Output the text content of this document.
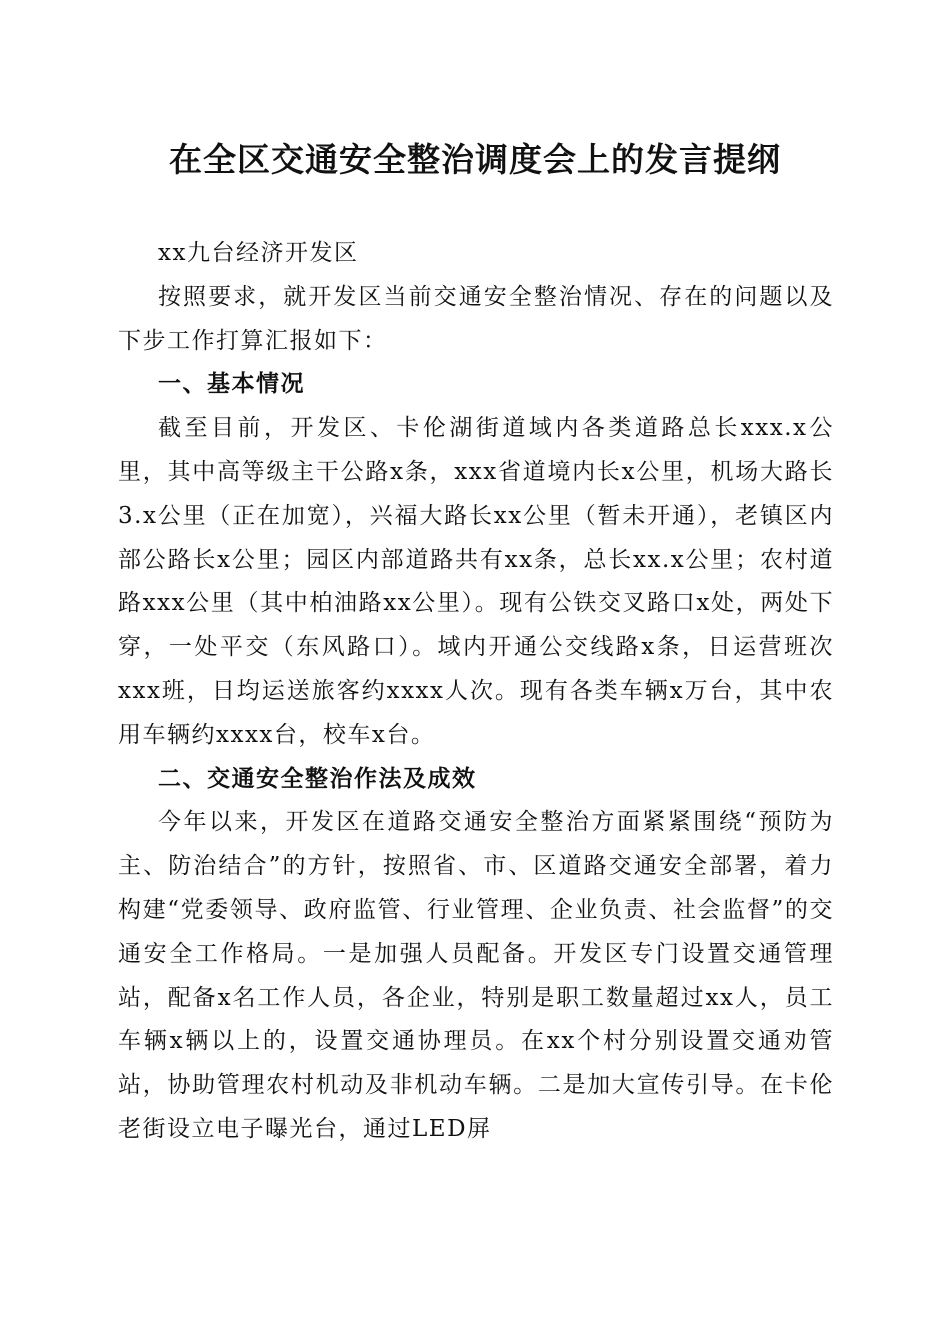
在全区交通安全整治调度会上的发言提纲

xx九台经济开发区

按照要求，就开发区当前交通安全整治情况、存在的问题以及下步工作打算汇报如下：

一、基本情况

截至目前，开发区、卡伦湖街道域内各类道路总长xxx.x公里，其中高等级主干公路x条，xxx省道境内长x公里，机场大路长3.x公里（正在加宽），兴福大路长xx公里（暂未开通），老镇区内部公路长x公里；园区内部道路共有xx条，总长xx.x公里；农村道路xxx公里（其中柏油路xx公里）。现有公铁交叉路口x处，两处下穿，一处平交（东风路口）。域内开通公交线路x条，日运营班次xxx班，日均运送旅客约xxxx人次。现有各类车辆x万台，其中农用车辆约xxxx台，校车x台。

二、交通安全整治作法及成效

今年以来，开发区在道路交通安全整治方面紧紧围绕“预防为主、防治结合”的方针，按照省、市、区道路交通安全部署，着力构建“党委领导、政府监管、行业管理、企业负责、社会监督”的交通安全工作格局。一是加强人员配备。开发区专门设置交通管理站，配备x名工作人员，各企业，特别是职工数量超过xx人，员工车辆x辆以上的，设置交通协理员。在xx个村分别设置交通劝管站，协助管理农村机动及非机动车辆。二是加大宣传引导。在卡伦老街设立电子曝光台，通过LED屏
